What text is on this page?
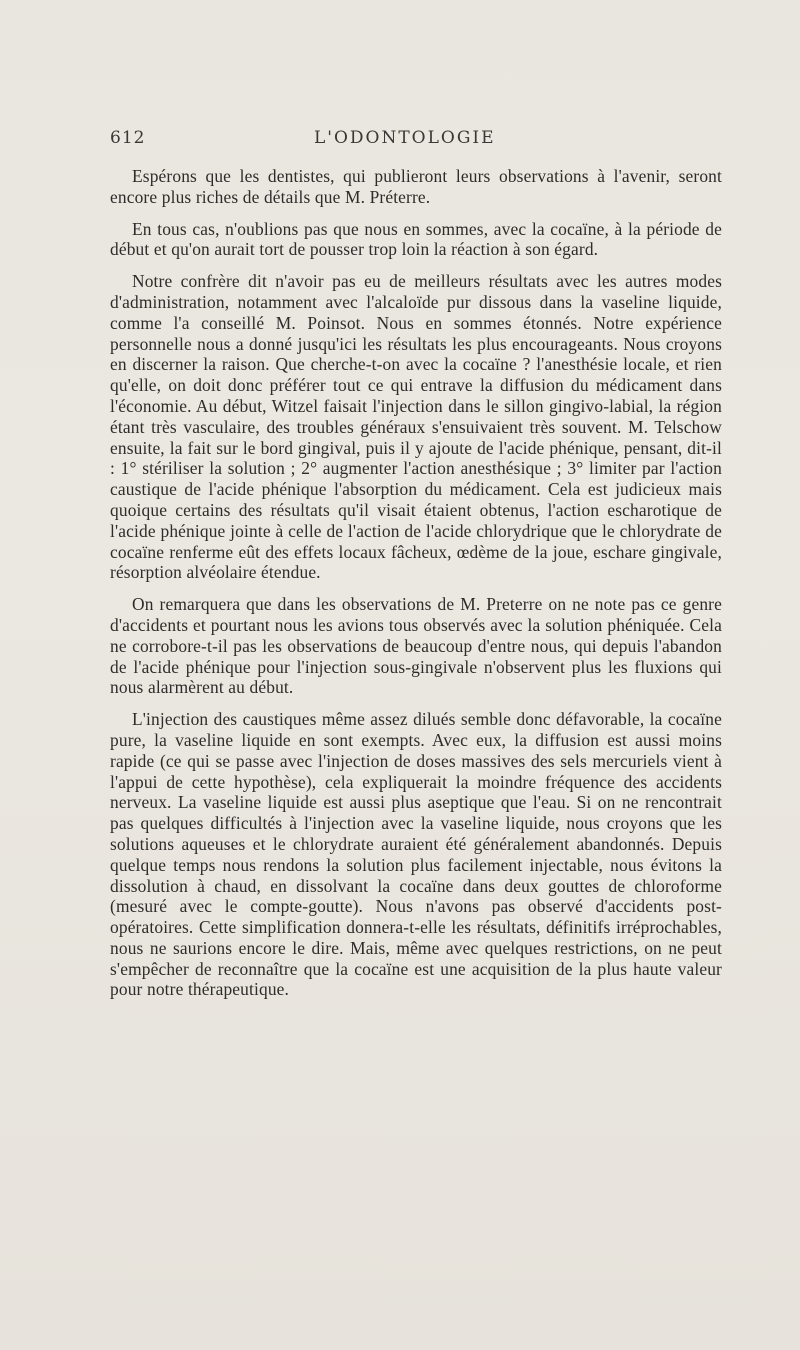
612	L'ODONTOLOGIE

Espérons que les dentistes, qui publieront leurs observations à l'avenir, seront encore plus riches de détails que M. Préterre.

En tous cas, n'oublions pas que nous en sommes, avec la cocaïne, à la période de début et qu'on aurait tort de pousser trop loin la réaction à son égard.

Notre confrère dit n'avoir pas eu de meilleurs résultats avec les autres modes d'administration, notamment avec l'alcaloïde pur dissous dans la vaseline liquide, comme l'a conseillé M. Poinsot. Nous en sommes étonnés. Notre expérience personnelle nous a donné jusqu'ici les résultats les plus encourageants. Nous croyons en discerner la raison. Que cherche-t-on avec la cocaïne ? l'anesthésie locale, et rien qu'elle, on doit donc préférer tout ce qui entrave la diffusion du médicament dans l'économie. Au début, Witzel faisait l'injection dans le sillon gingivo-labial, la région étant très vasculaire, des troubles généraux s'ensuivaient très souvent. M. Telschow ensuite, la fait sur le bord gingival, puis il y ajoute de l'acide phénique, pensant, dit-il : 1° stériliser la solution ; 2° augmenter l'action anesthésique ; 3° limiter par l'action caustique de l'acide phénique l'absorption du médicament. Cela est judicieux mais quoique certains des résultats qu'il visait étaient obtenus, l'action escharotique de l'acide phénique jointe à celle de l'action de l'acide chlorydrique que le chlorydrate de cocaïne renferme eût des effets locaux fâcheux, œdème de la joue, eschare gingivale, résorption alvéolaire étendue.

On remarquera que dans les observations de M. Preterre on ne note pas ce genre d'accidents et pourtant nous les avions tous observés avec la solution phéniquée. Cela ne corrobore-t-il pas les observations de beaucoup d'entre nous, qui depuis l'abandon de l'acide phénique pour l'injection sous-gingivale n'observent plus les fluxions qui nous alarmèrent au début.

L'injection des caustiques même assez dilués semble donc défavorable, la cocaïne pure, la vaseline liquide en sont exempts. Avec eux, la diffusion est aussi moins rapide (ce qui se passe avec l'injection de doses massives des sels mercuriels vient à l'appui de cette hypothèse), cela expliquerait la moindre fréquence des accidents nerveux. La vaseline liquide est aussi plus aseptique que l'eau. Si on ne rencontrait pas quelques difficultés à l'injection avec la vaseline liquide, nous croyons que les solutions aqueuses et le chlorydrate auraient été généralement abandonnés. Depuis quelque temps nous rendons la solution plus facilement injectable, nous évitons la dissolution à chaud, en dissolvant la cocaïne dans deux gouttes de chloroforme (mesuré avec le compte-goutte). Nous n'avons pas observé d'accidents post-opératoires. Cette simplification donnera-t-elle les résultats, définitifs irréprochables, nous ne saurions encore le dire. Mais, même avec quelques restrictions, on ne peut s'empêcher de reconnaître que la cocaïne est une acquisition de la plus haute valeur pour notre thérapeutique.
